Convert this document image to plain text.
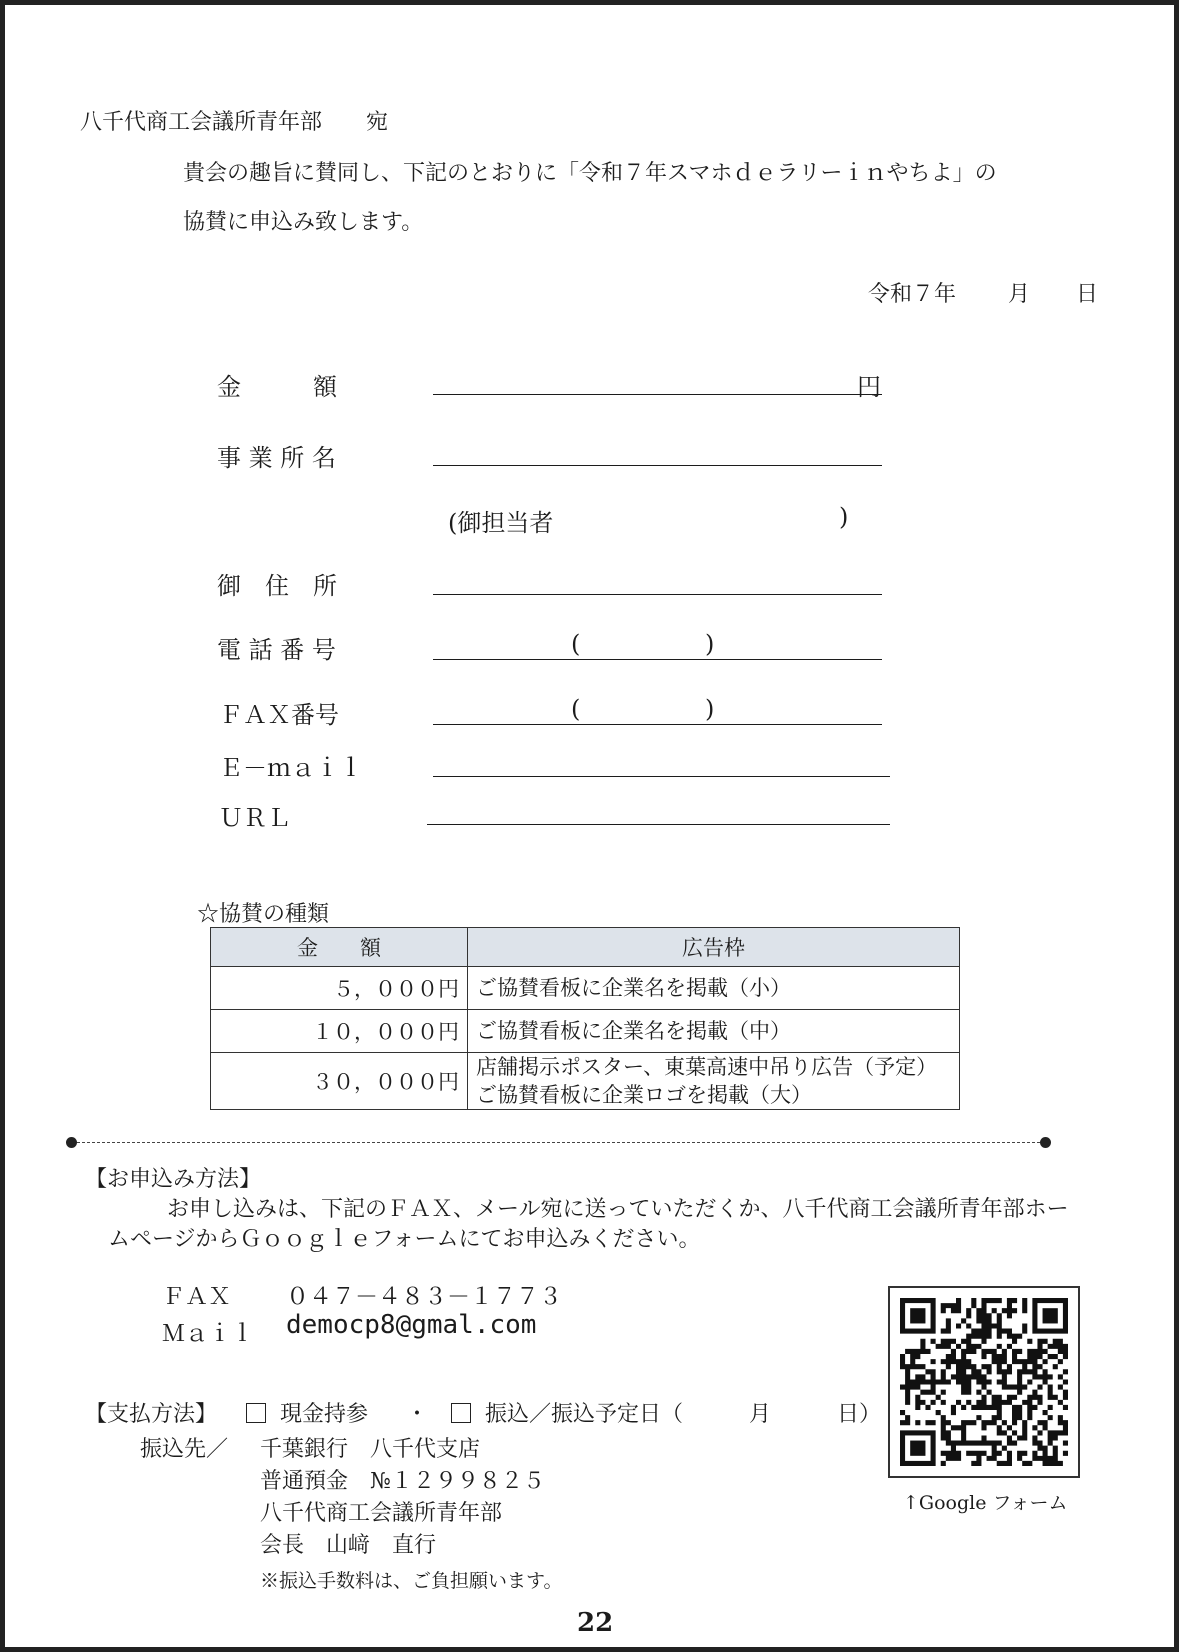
八千代商工会議所青年部　　宛
貴会の趣旨に賛同し、下記のとおりに「令和７年スマホｄｅラリーｉｎやちよ」の
協賛に申込み致します。
令和７年 月 日
金　　　額	円
事 業 所 名
(御担当者	)
御　住　所
電 話 番 号	(	)
ＦＡＸ番号	(	)
Ｅ－ｍａｉｌ
ＵＲＬ
☆協賛の種類
金　　額	広告枠
５，０００円	ご協賛看板に企業名を掲載（小）
１０，０００円	ご協賛看板に企業名を掲載（中）
３０，０００円	店舗掲示ポスター、東葉高速中吊り広告（予定）
ご協賛看板に企業ロゴを掲載（大）
【お申込み方法】
お申し込みは、下記のＦＡＸ、メール宛に送っていただくか、八千代商工会議所青年部ホー
ムページからＧｏｏｇｌｅフォームにてお申込みください。
ＦＡＸ ０４７－４８３－１７７３
Ｍａｉｌ democp8@gmal.com
↑Google フォーム
【支払方法】	現金持参 ・	振込／振込予定日（　　　月　　　日）
振込先／ 千葉銀行　八千代支店
普通預金　№１２９９８２５
八千代商工会議所青年部
会長　山﨑　直行
※振込手数料は、ご負担願います。
22
